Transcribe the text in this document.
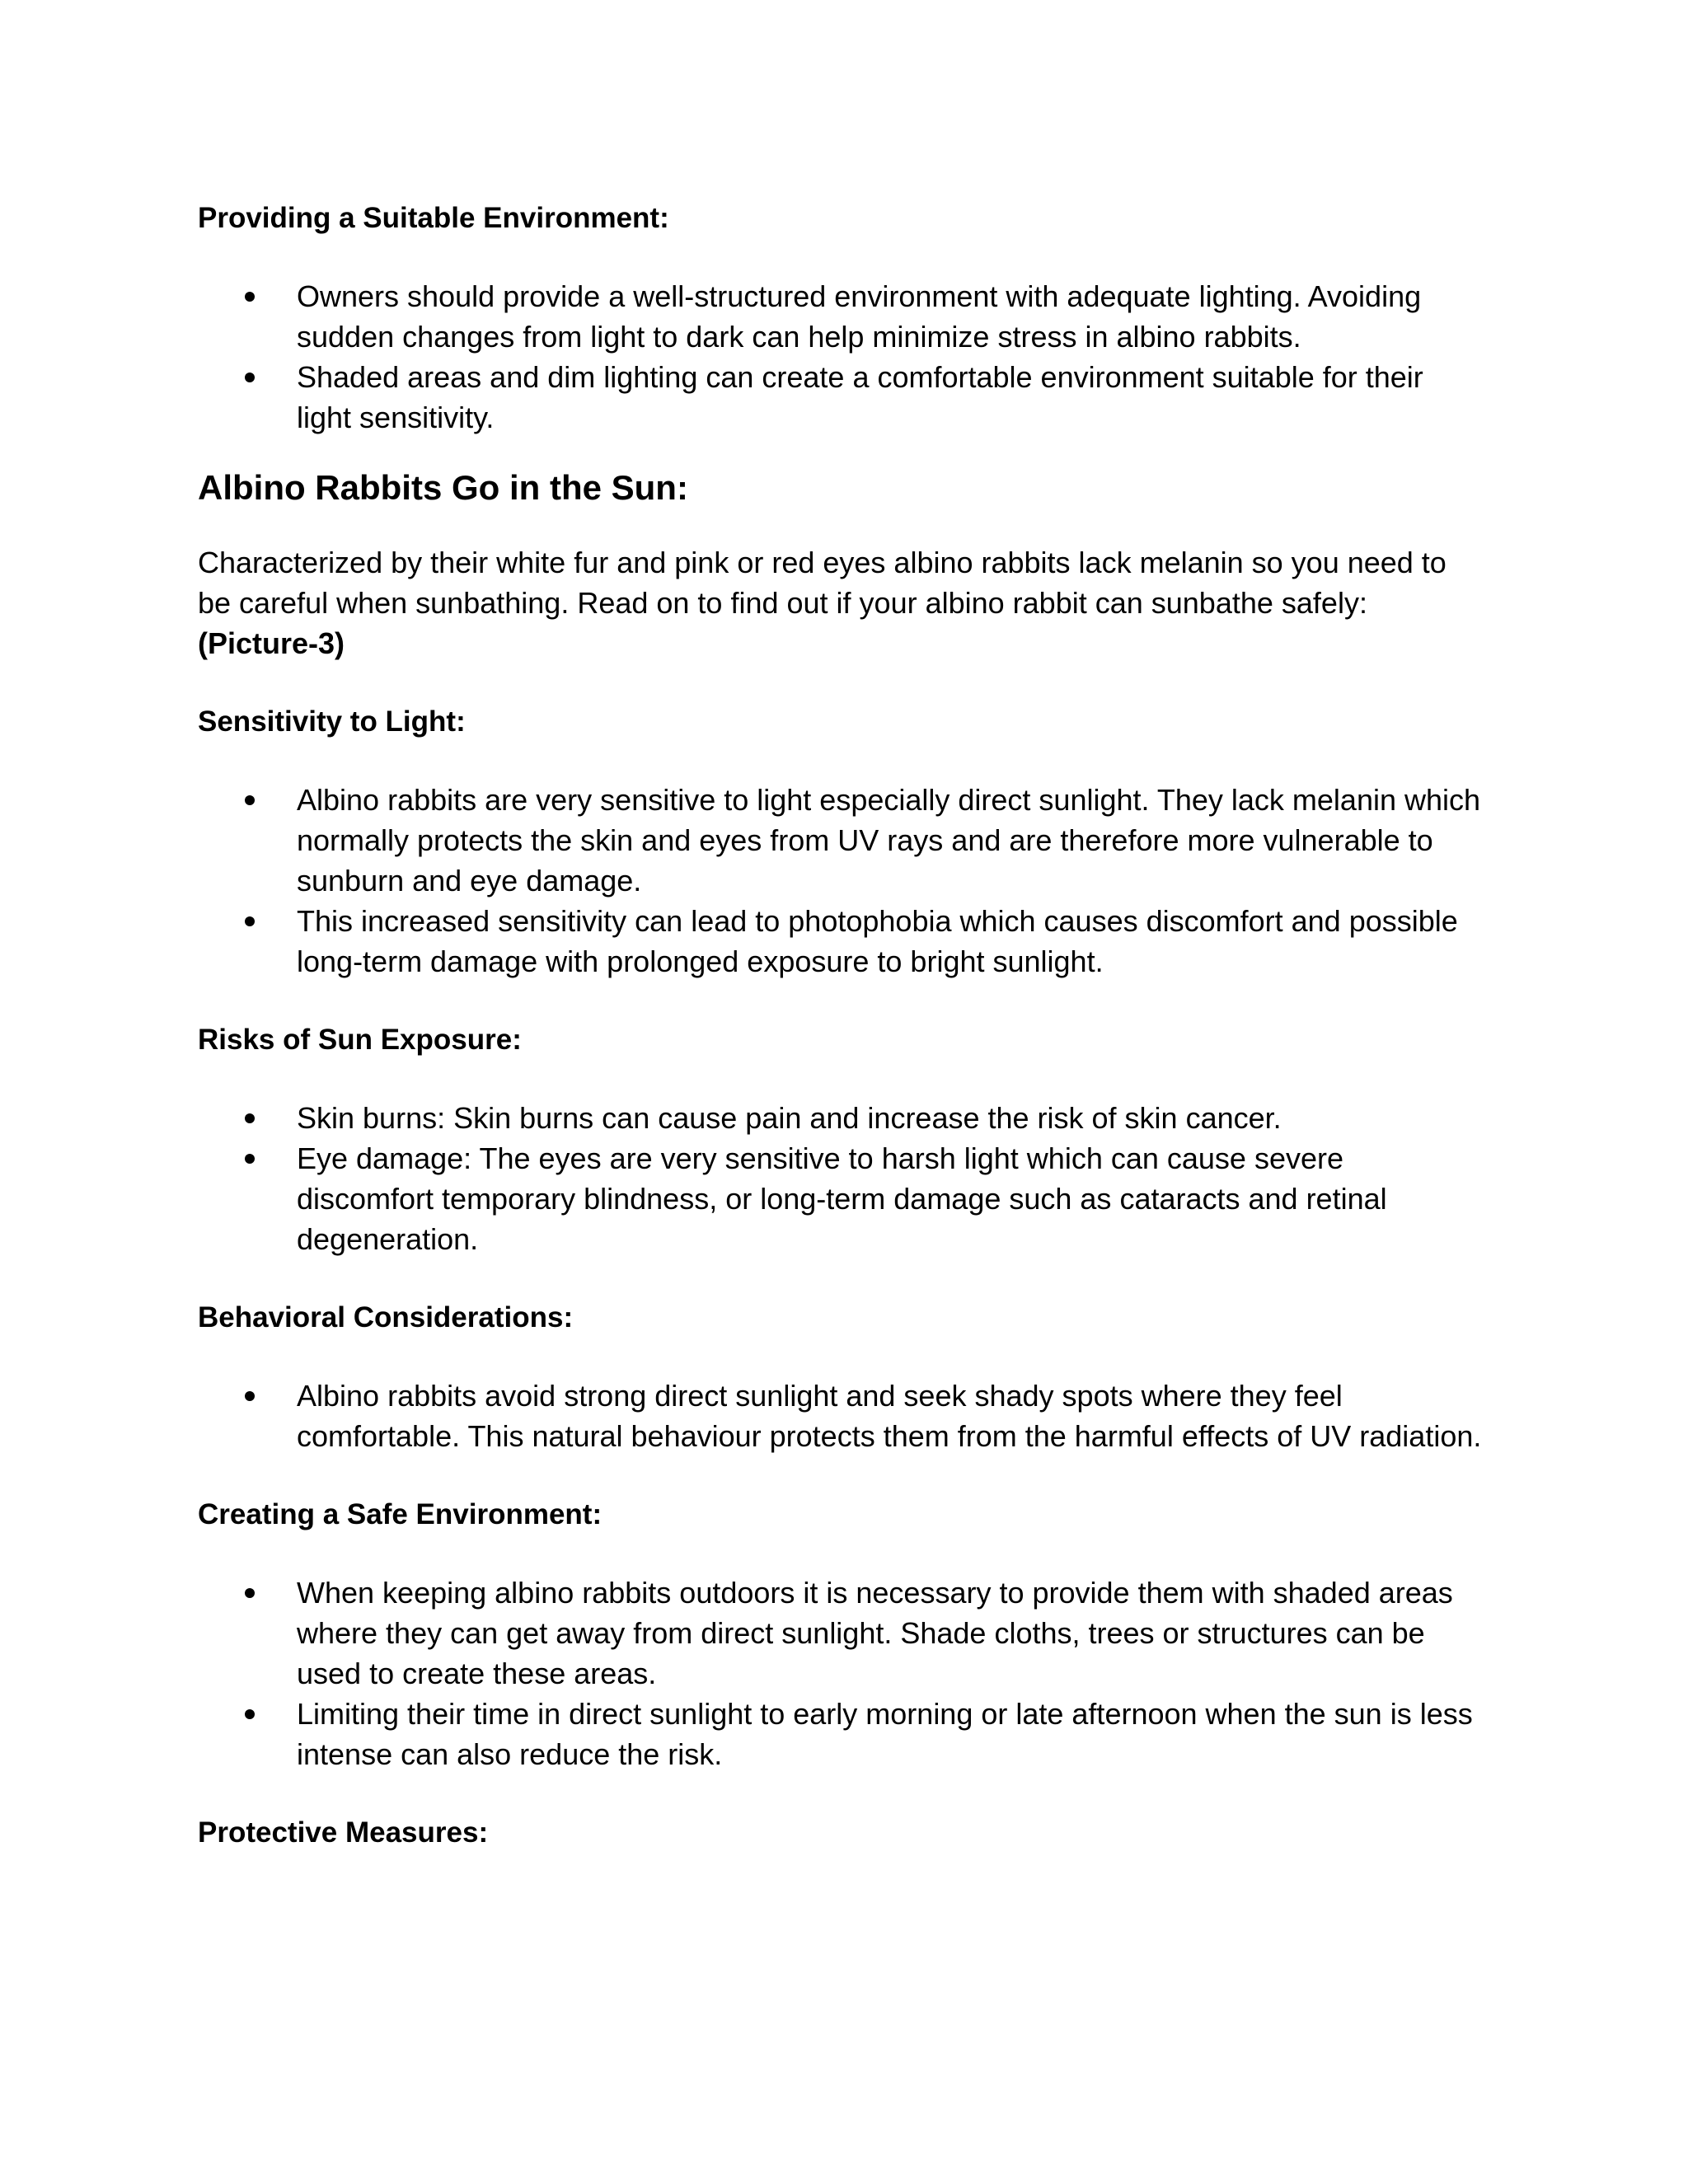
Providing a Suitable Environment:

Owners should provide a well-structured environment with adequate lighting. Avoiding sudden changes from light to dark can help minimize stress in albino rabbits.
Shaded areas and dim lighting can create a comfortable environment suitable for their light sensitivity.
Albino Rabbits Go in the Sun:

Characterized by their white fur and pink or red eyes albino rabbits lack melanin so you need to be careful when sunbathing. Read on to find out if your albino rabbit can sunbathe safely:
(Picture-3)

Sensitivity to Light:

Albino rabbits are very sensitive to light especially direct sunlight. They lack melanin which normally protects the skin and eyes from UV rays and are therefore more vulnerable to sunburn and eye damage.
This increased sensitivity can lead to photophobia which causes discomfort and possible long-term damage with prolonged exposure to bright sunlight.

Risks of Sun Exposure:

Skin burns: Skin burns can cause pain and increase the risk of skin cancer.
Eye damage: The eyes are very sensitive to harsh light which can cause severe discomfort temporary blindness, or long-term damage such as cataracts and retinal degeneration.

Behavioral Considerations:

Albino rabbits avoid strong direct sunlight and seek shady spots where they feel comfortable. This natural behaviour protects them from the harmful effects of UV radiation.

Creating a Safe Environment:

When keeping albino rabbits outdoors it is necessary to provide them with shaded areas where they can get away from direct sunlight. Shade cloths, trees or structures can be used to create these areas.
Limiting their time in direct sunlight to early morning or late afternoon when the sun is less intense can also reduce the risk.

Protective Measures:
